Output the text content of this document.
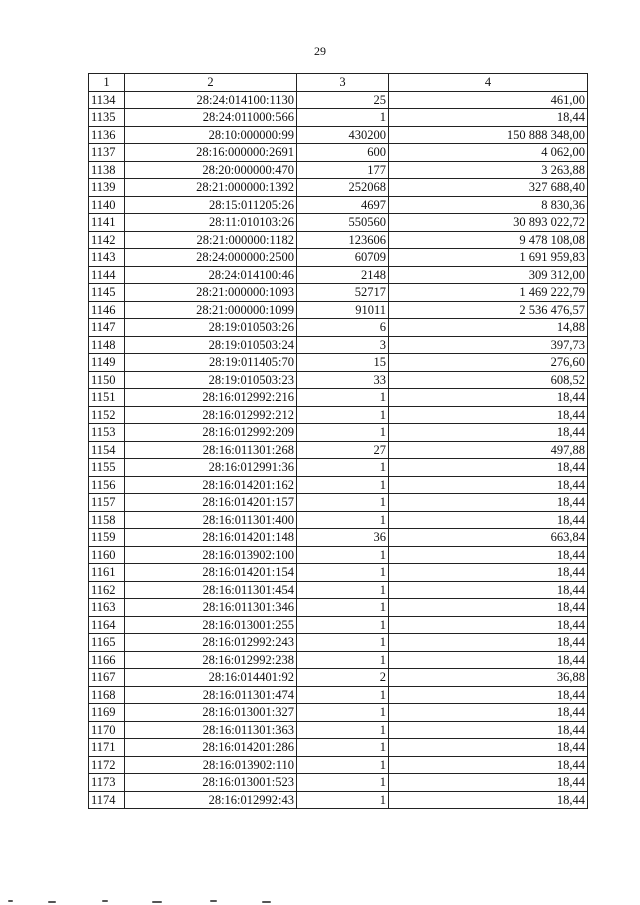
29
1	2	3	4
1134	28:24:014100:1130	25	461,00
1135	28:24:011000:566	1	18,44
1136	28:10:000000:99	430200	150 888 348,00
1137	28:16:000000:2691	600	4 062,00
1138	28:20:000000:470	177	3 263,88
1139	28:21:000000:1392	252068	327 688,40
1140	28:15:011205:26	4697	8 830,36
1141	28:11:010103:26	550560	30 893 022,72
1142	28:21:000000:1182	123606	9 478 108,08
1143	28:24:000000:2500	60709	1 691 959,83
1144	28:24:014100:46	2148	309 312,00
1145	28:21:000000:1093	52717	1 469 222,79
1146	28:21:000000:1099	91011	2 536 476,57
1147	28:19:010503:26	6	14,88
1148	28:19:010503:24	3	397,73
1149	28:19:011405:70	15	276,60
1150	28:19:010503:23	33	608,52
1151	28:16:012992:216	1	18,44
1152	28:16:012992:212	1	18,44
1153	28:16:012992:209	1	18,44
1154	28:16:011301:268	27	497,88
1155	28:16:012991:36	1	18,44
1156	28:16:014201:162	1	18,44
1157	28:16:014201:157	1	18,44
1158	28:16:011301:400	1	18,44
1159	28:16:014201:148	36	663,84
1160	28:16:013902:100	1	18,44
1161	28:16:014201:154	1	18,44
1162	28:16:011301:454	1	18,44
1163	28:16:011301:346	1	18,44
1164	28:16:013001:255	1	18,44
1165	28:16:012992:243	1	18,44
1166	28:16:012992:238	1	18,44
1167	28:16:014401:92	2	36,88
1168	28:16:011301:474	1	18,44
1169	28:16:013001:327	1	18,44
1170	28:16:011301:363	1	18,44
1171	28:16:014201:286	1	18,44
1172	28:16:013902:110	1	18,44
1173	28:16:013001:523	1	18,44
1174	28:16:012992:43	1	18,44
